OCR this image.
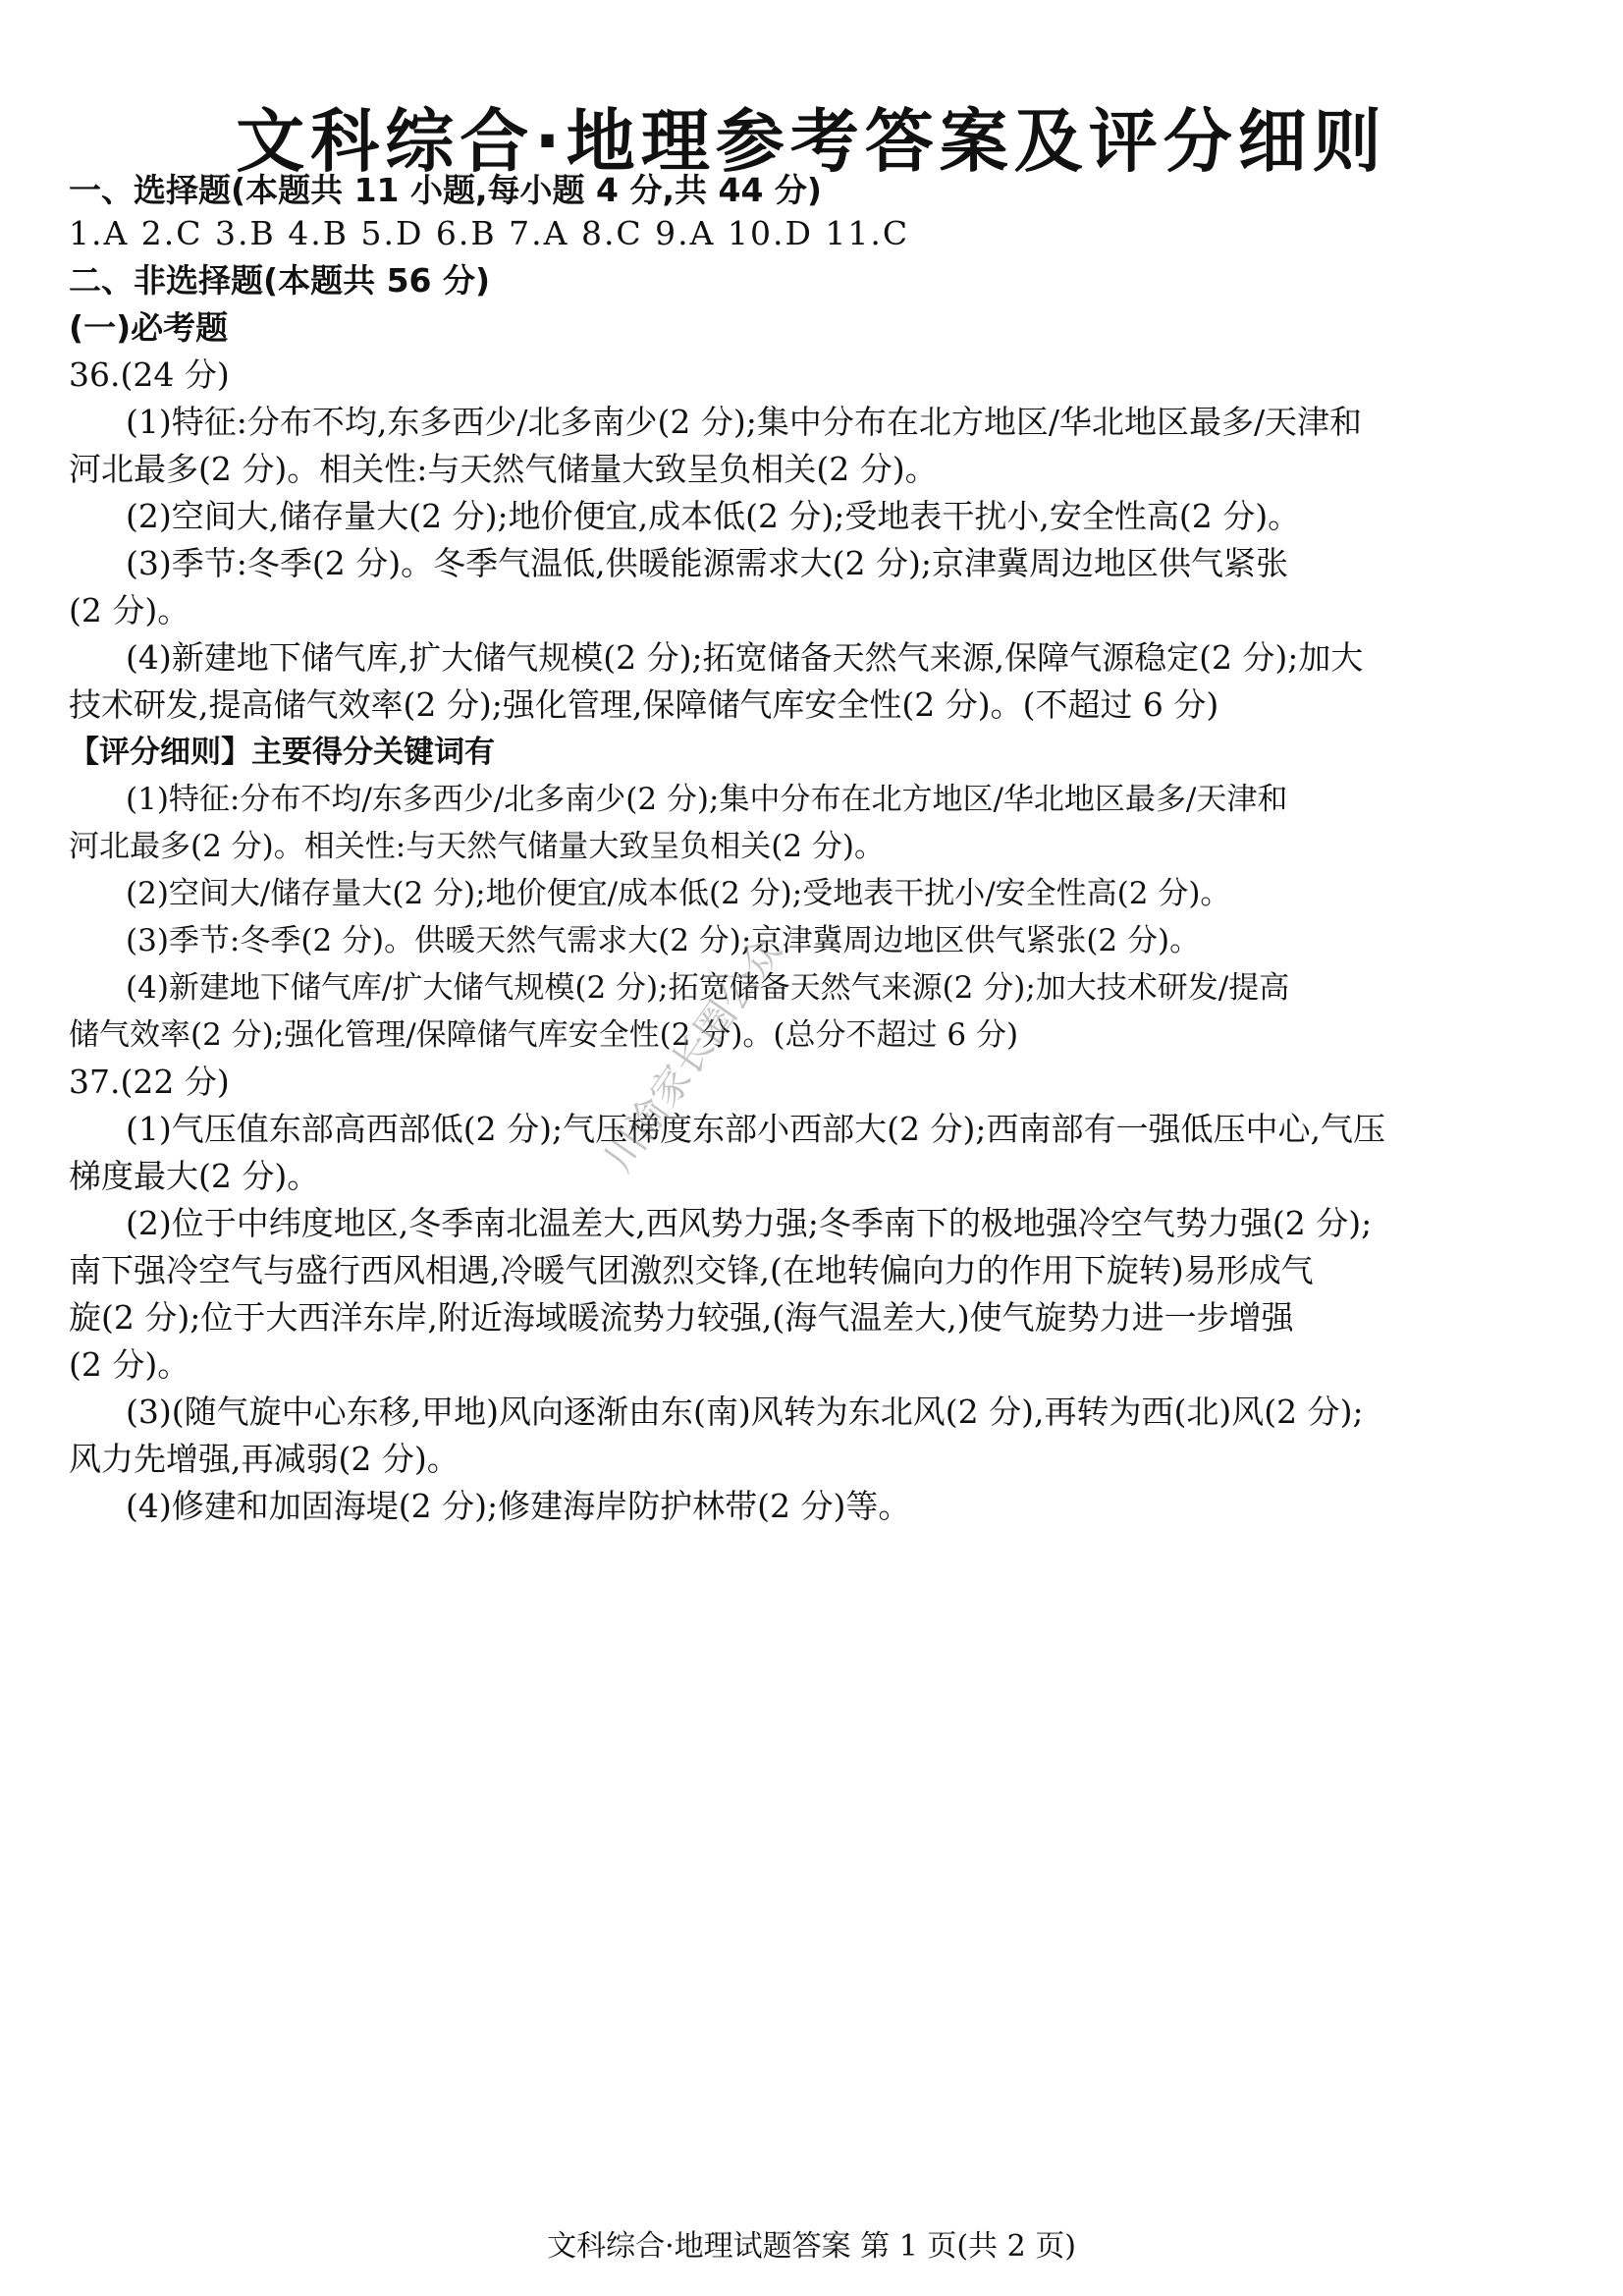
文科综合·地理参考答案及评分细则

一、选择题(本题共 11 小题,每小题 4 分,共 44 分)

1.A 2.C 3.B 4.B 5.D 6.B 7.A 8.C 9.A 10.D 11.C

二、非选择题(本题共 56 分)

(一)必考题

36.(24 分)

(1)特征:分布不均,东多西少/北多南少(2 分);集中分布在北方地区/华北地区最多/天津和

河北最多(2 分)。相关性:与天然气储量大致呈负相关(2 分)。

(2)空间大,储存量大(2 分);地价便宜,成本低(2 分);受地表干扰小,安全性高(2 分)。

(3)季节:冬季(2 分)。冬季气温低,供暖能源需求大(2 分);京津冀周边地区供气紧张

(2 分)。

(4)新建地下储气库,扩大储气规模(2 分);拓宽储备天然气来源,保障气源稳定(2 分);加大

技术研发,提高储气效率(2 分);强化管理,保障储气库安全性(2 分)。(不超过 6 分)

【评分细则】主要得分关键词有

(1)特征:分布不均/东多西少/北多南少(2 分);集中分布在北方地区/华北地区最多/天津和

河北最多(2 分)。相关性:与天然气储量大致呈负相关(2 分)。

(2)空间大/储存量大(2 分);地价便宜/成本低(2 分);受地表干扰小/安全性高(2 分)。

(3)季节:冬季(2 分)。供暖天然气需求大(2 分);京津冀周边地区供气紧张(2 分)。

(4)新建地下储气库/扩大储气规模(2 分);拓宽储备天然气来源(2 分);加大技术研发/提高

储气效率(2 分);强化管理/保障储气库安全性(2 分)。(总分不超过 6 分)

37.(22 分)

(1)气压值东部高西部低(2 分);气压梯度东部小西部大(2 分);西南部有一强低压中心,气压

梯度最大(2 分)。

(2)位于中纬度地区,冬季南北温差大,西风势力强;冬季南下的极地强冷空气势力强(2 分);

南下强冷空气与盛行西风相遇,冷暖气团激烈交锋,(在地转偏向力的作用下旋转)易形成气

旋(2 分);位于大西洋东岸,附近海域暖流势力较强,(海气温差大,)使气旋势力进一步增强

(2 分)。

(3)(随气旋中心东移,甲地)风向逐渐由东(南)风转为东北风(2 分),再转为西(北)风(2 分);

风力先增强,再减弱(2 分)。

(4)修建和加固海堤(2 分);修建海岸防护林带(2 分)等。

川渝家长圈公众

文科综合·地理试题答案 第 1 页(共 2 页)
